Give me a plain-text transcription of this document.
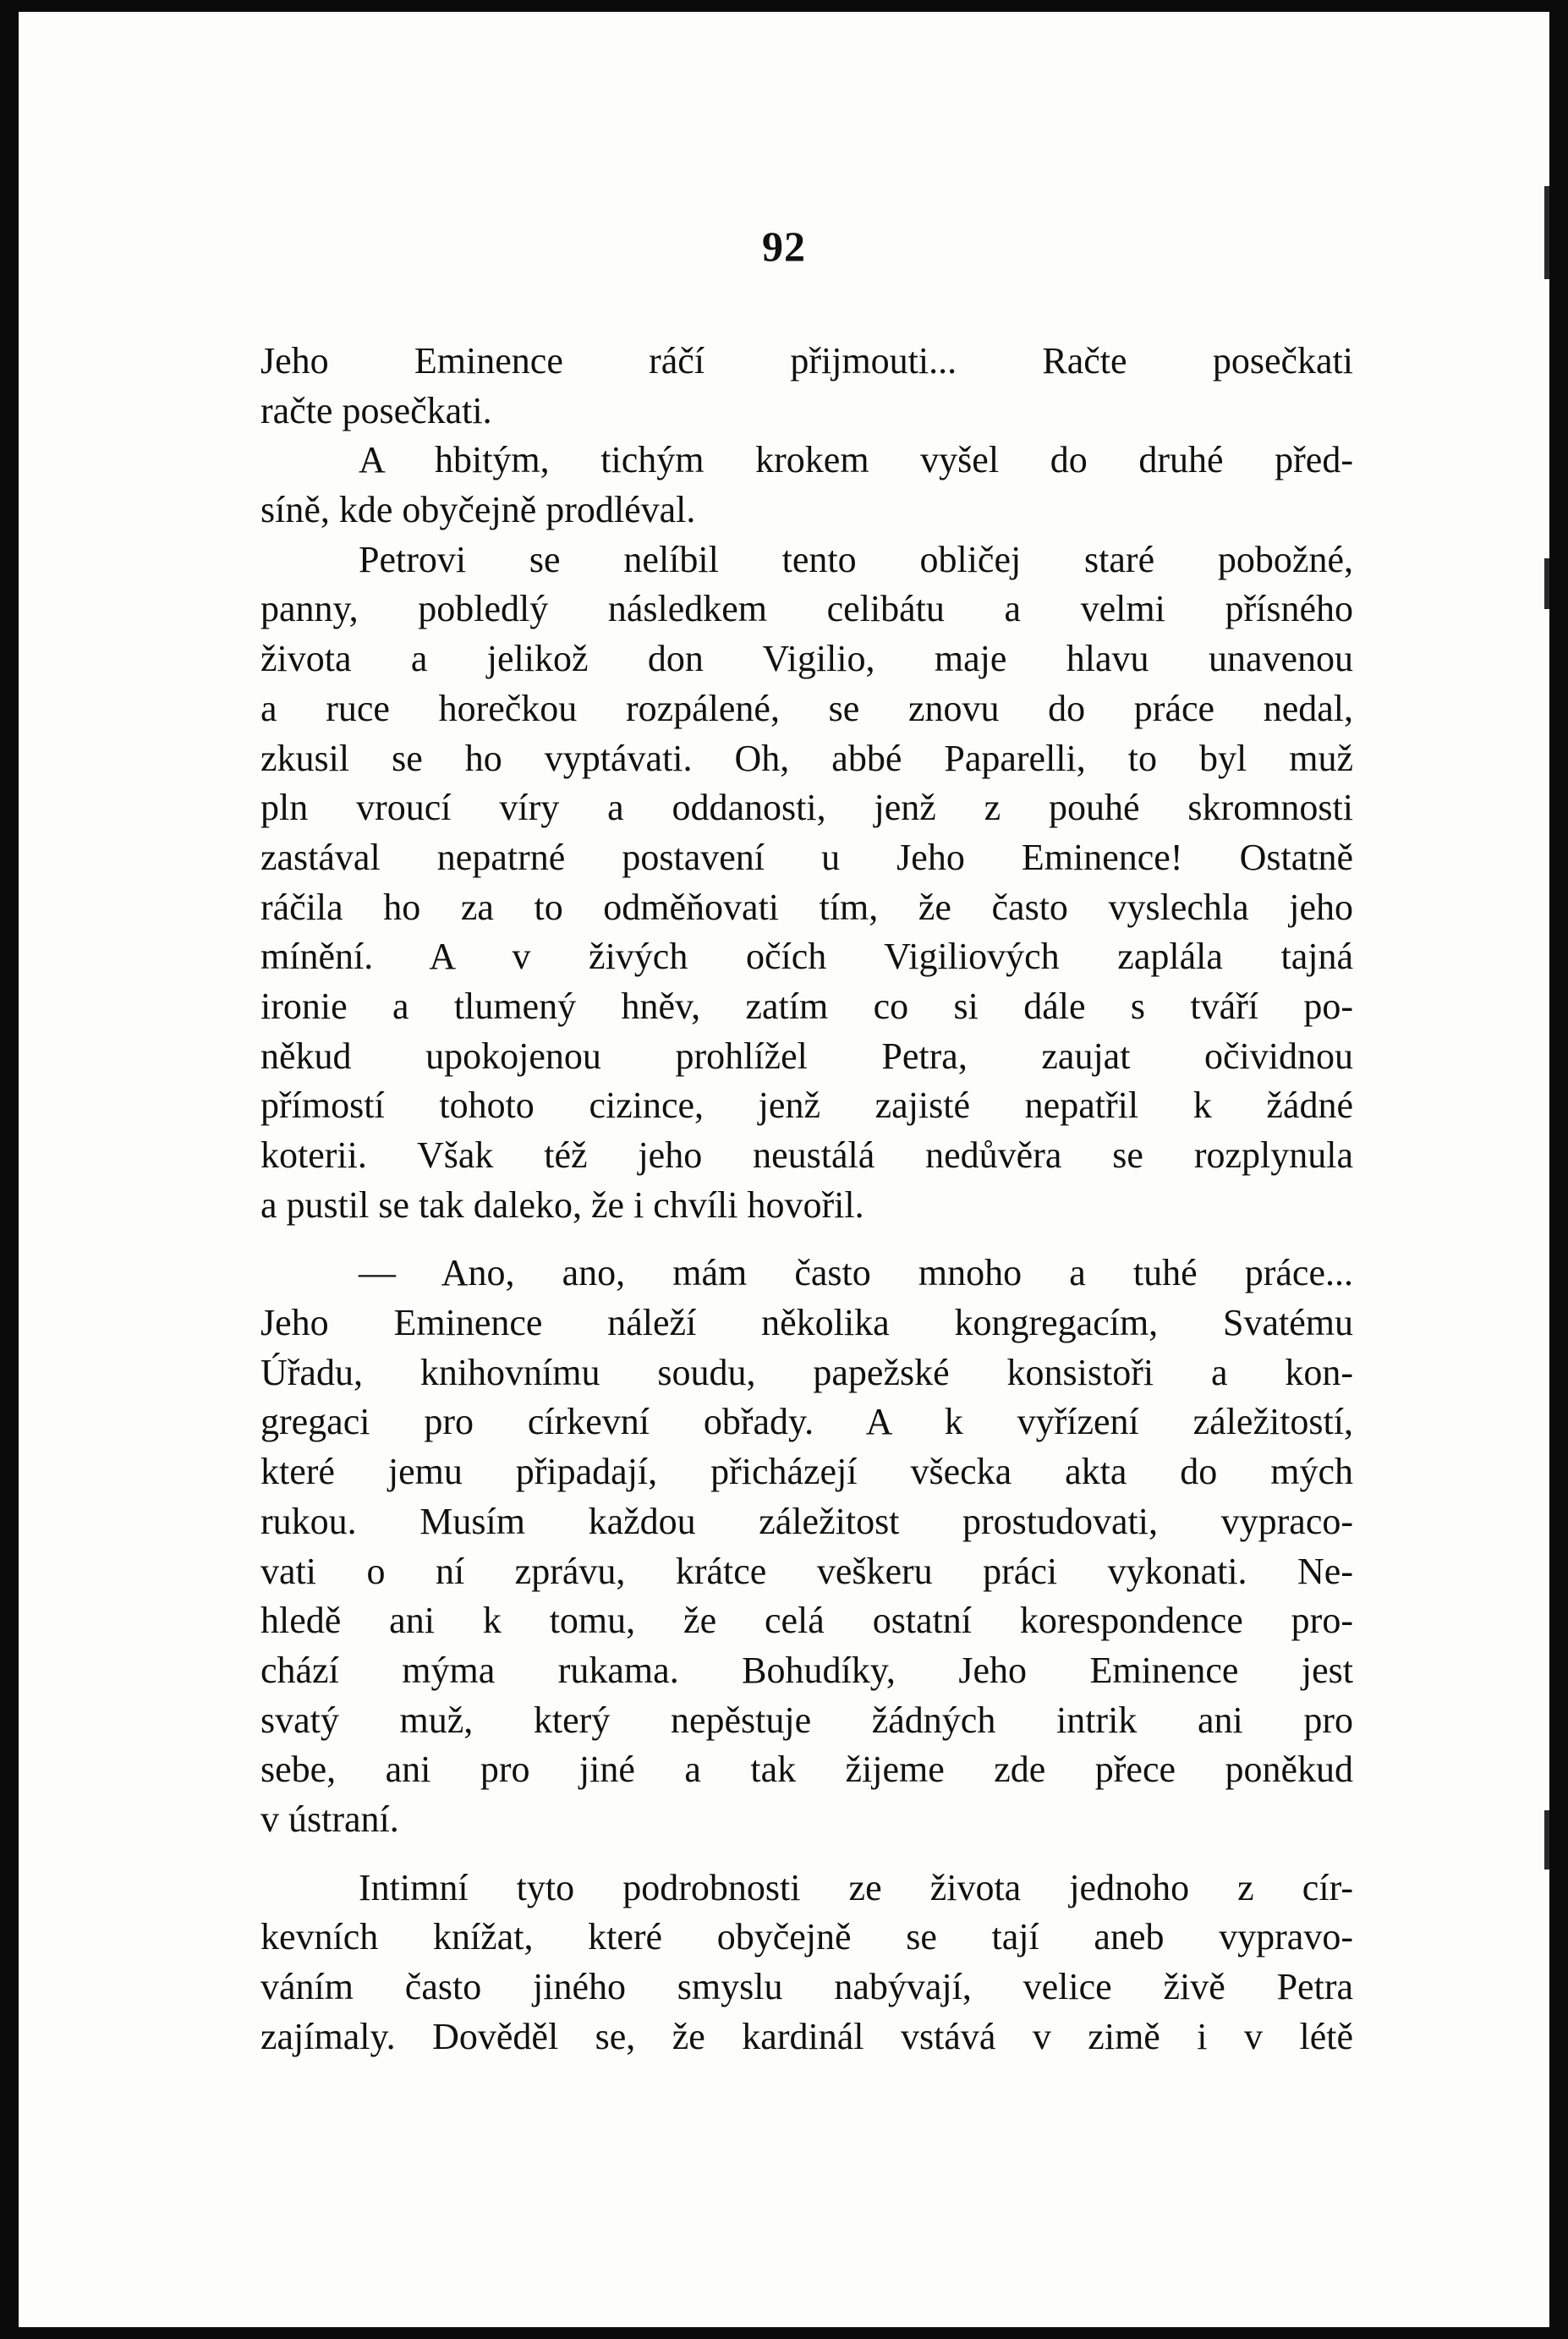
92
Jeho Eminence ráčí přijmouti... Račte posečkati
račte posečkati.
A hbitým, tichým krokem vyšel do druhé před-
síně, kde obyčejně prodléval.
Petrovi se nelíbil tento obličej staré pobožné,
panny, pobledlý následkem celibátu a velmi přísného
života a jelikož don Vigilio, maje hlavu unavenou
a ruce horečkou rozpálené, se znovu do práce nedal,
zkusil se ho vyptávati. Oh, abbé Paparelli, to byl muž
pln vroucí víry a oddanosti, jenž z pouhé skromnosti
zastával nepatrné postavení u Jeho Eminence! Ostatně
ráčila ho za to odměňovati tím, že často vyslechla jeho
mínění. A v živých očích Vigiliových zaplála tajná
ironie a tlumený hněv, zatím co si dále s tváří po-
někud upokojenou prohlížel Petra, zaujat očividnou
přímostí tohoto cizince, jenž zajisté nepatřil k žádné
koterii. Však též jeho neustálá nedůvěra se rozplynula
a pustil se tak daleko, že i chvíli hovořil.
— Ano, ano, mám často mnoho a tuhé práce...
Jeho Eminence náleží několika kongregacím, Svatému
Úřadu, knihovnímu soudu, papežské konsistoři a kon-
gregaci pro církevní obřady. A k vyřízení záležitostí,
které jemu připadají, přicházejí všecka akta do mých
rukou. Musím každou záležitost prostudovati, vypraco-
vati o ní zprávu, krátce veškeru práci vykonati. Ne-
hledě ani k tomu, že celá ostatní korespondence pro-
chází mýma rukama. Bohudíky, Jeho Eminence jest
svatý muž, který nepěstuje žádných intrik ani pro
sebe, ani pro jiné a tak žijeme zde přece poněkud
v ústraní.
Intimní tyto podrobnosti ze života jednoho z cír-
kevních knížat, které obyčejně se tají aneb vypravo-
váním často jiného smyslu nabývají, velice živě Petra
zajímaly. Dověděl se, že kardinál vstává v zimě i v létě
